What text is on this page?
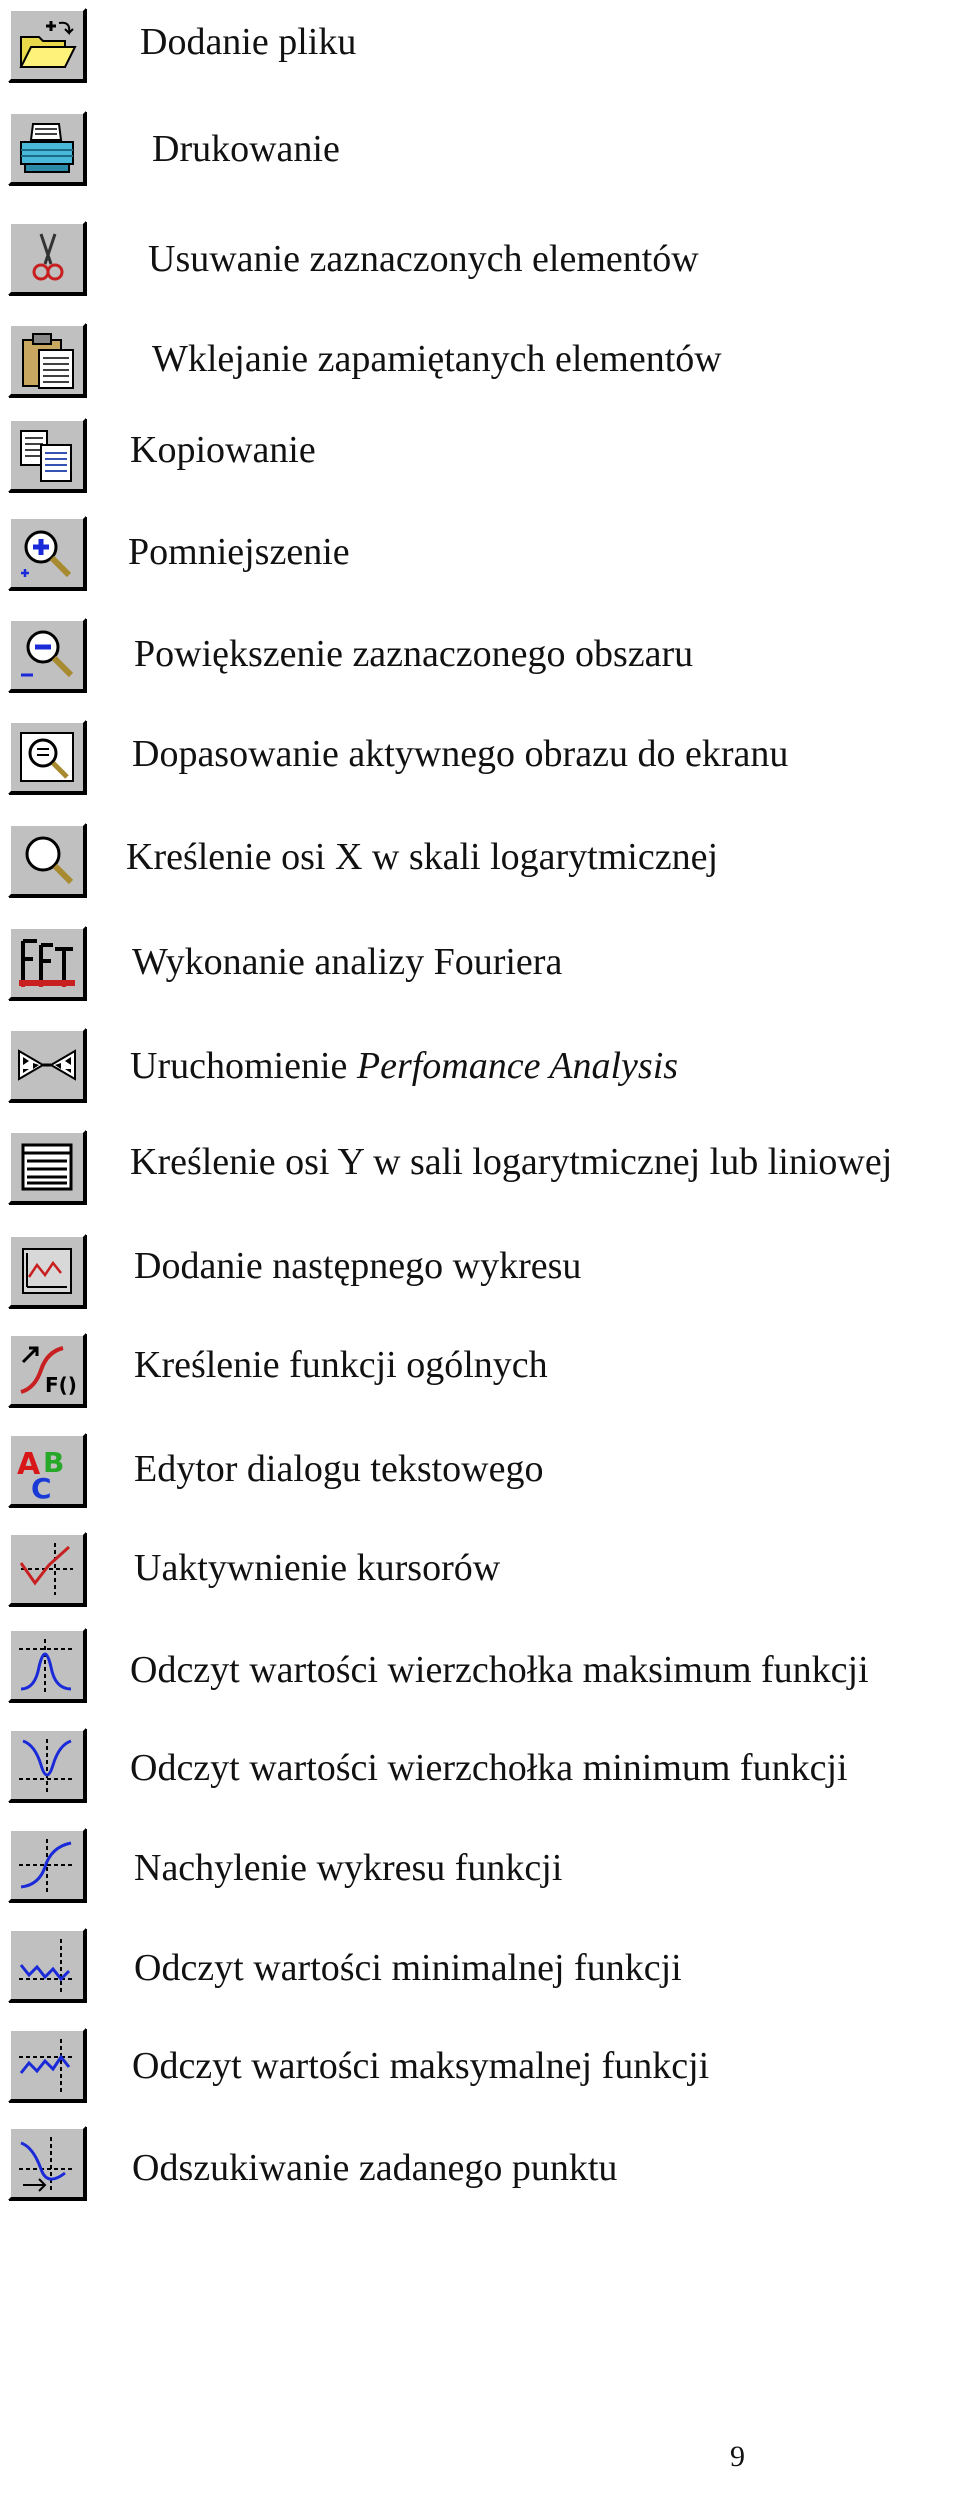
Dodanie pliku
Drukowanie
Usuwanie zaznaczonych elementów
Wklejanie zapamiętanych elementów
Kopiowanie
Pomniejszenie
Powiększenie zaznaczonego obszaru
Dopasowanie aktywnego obrazu do ekranu
Kreślenie osi X w skali logarytmicznej
Wykonanie analizy Fouriera
Uruchomienie Perfomance Analysis
Kreślenie osi Y w sali logarytmicznej lub liniowej
Dodanie następnego wykresu
F() Kreślenie funkcji ogólnych
A B
C Edytor dialogu tekstowego
Uaktywnienie kursorów
Odczyt wartości wierzchołka maksimum funkcji
Odczyt wartości wierzchołka minimum funkcji
Nachylenie wykresu funkcji
Odczyt wartości minimalnej funkcji
Odczyt wartości maksymalnej funkcji
Odszukiwanie zadanego punktu
9
